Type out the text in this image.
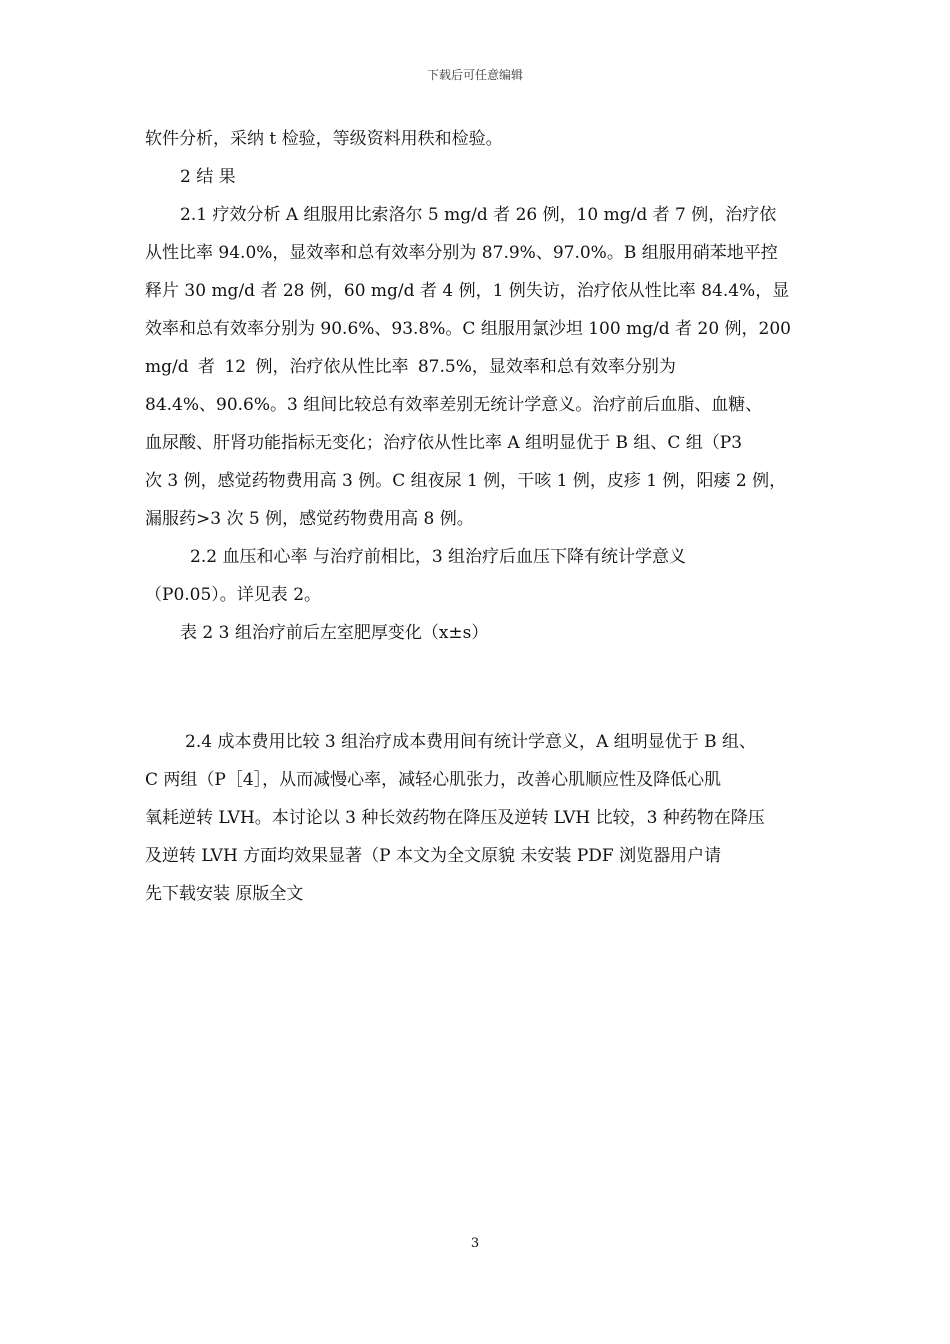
下载后可任意编辑
软件分析，采纳 t 检验，等级资料用秩和检验。
2 结 果
2.1 疗效分析 A 组服用比索洛尔 5 mg/d 者 26 例，10 mg/d 者 7 例，治疗依
从性比率 94.0%，显效率和总有效率分别为 87.9%、97.0%。B 组服用硝苯地平控
释片 30 mg/d 者 28 例，60 mg/d 者 4 例，1 例失访，治疗依从性比率 84.4%，显
效率和总有效率分别为 90.6%、93.8%。C 组服用氯沙坦 100 mg/d 者 20 例，200
mg/d 者 12 例，治疗依从性比率 87.5%，显效率和总有效率分别为
84.4%、90.6%。3 组间比较总有效率差别无统计学意义。治疗前后血脂、血糖、
血尿酸、肝肾功能指标无变化；治疗依从性比率 A 组明显优于 B 组、C 组（P3
次 3 例，感觉药物费用高 3 例。C 组夜尿 1 例，干咳 1 例，皮疹 1 例，阳痿 2 例，
漏服药>3 次 5 例，感觉药物费用高 8 例。
2.2 血压和心率 与治疗前相比，3 组治疗后血压下降有统计学意义
（P0.05）。详见表 2。
表 2 3 组治疗前后左室肥厚变化（x±s）
2.4 成本费用比较 3 组治疗成本费用间有统计学意义，A 组明显优于 B 组、
C 两组（P［4］，从而减慢心率，减轻心肌张力，改善心肌顺应性及降低心肌
氧耗逆转 LVH。本讨论以 3 种长效药物在降压及逆转 LVH 比较，3 种药物在降压
及逆转 LVH 方面均效果显著（P 本文为全文原貌 未安装 PDF 浏览器用户请
先下载安装 原版全文
3
